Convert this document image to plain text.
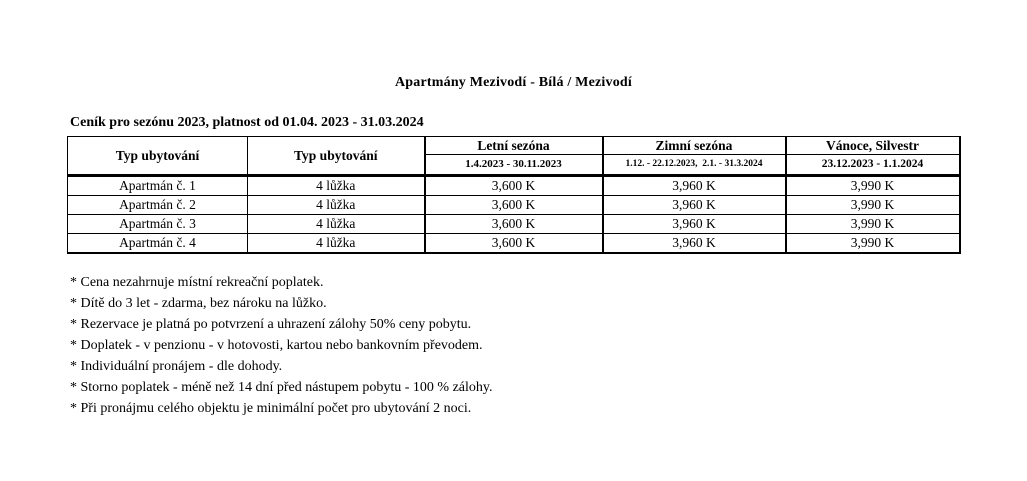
Apartmány Mezivodí - Bílá / Mezivodí
Ceník pro sezónu 2023, platnost od 01.04. 2023 - 31.03.2024
Typ ubytování	Typ ubytování	Letní sezóna	Zimní sezóna	Vánoce, Silvestr
		1.4.2023 - 30.11.2023	1.12. - 22.12.2023,  2.1. - 31.3.2024	23.12.2023 - 1.1.2024
Apartmán č. 1	4 lůžka	3,600 K	3,960 K	3,990 K
Apartmán č. 2	4 lůžka	3,600 K	3,960 K	3,990 K
Apartmán č. 3	4 lůžka	3,600 K	3,960 K	3,990 K
Apartmán č. 4	4 lůžka	3,600 K	3,960 K	3,990 K
* Cena nezahrnuje místní rekreační poplatek.
* Dítě do 3 let - zdarma, bez nároku na lůžko.
* Rezervace je platná po potvrzení a uhrazení zálohy 50% ceny pobytu.
* Doplatek - v penzionu - v hotovosti, kartou nebo bankovním převodem.
* Individuální pronájem - dle dohody.
* Storno poplatek - méně než 14 dní před nástupem pobytu - 100 % zálohy.
* Při pronájmu celého objektu je minimální počet pro ubytování 2 noci.
